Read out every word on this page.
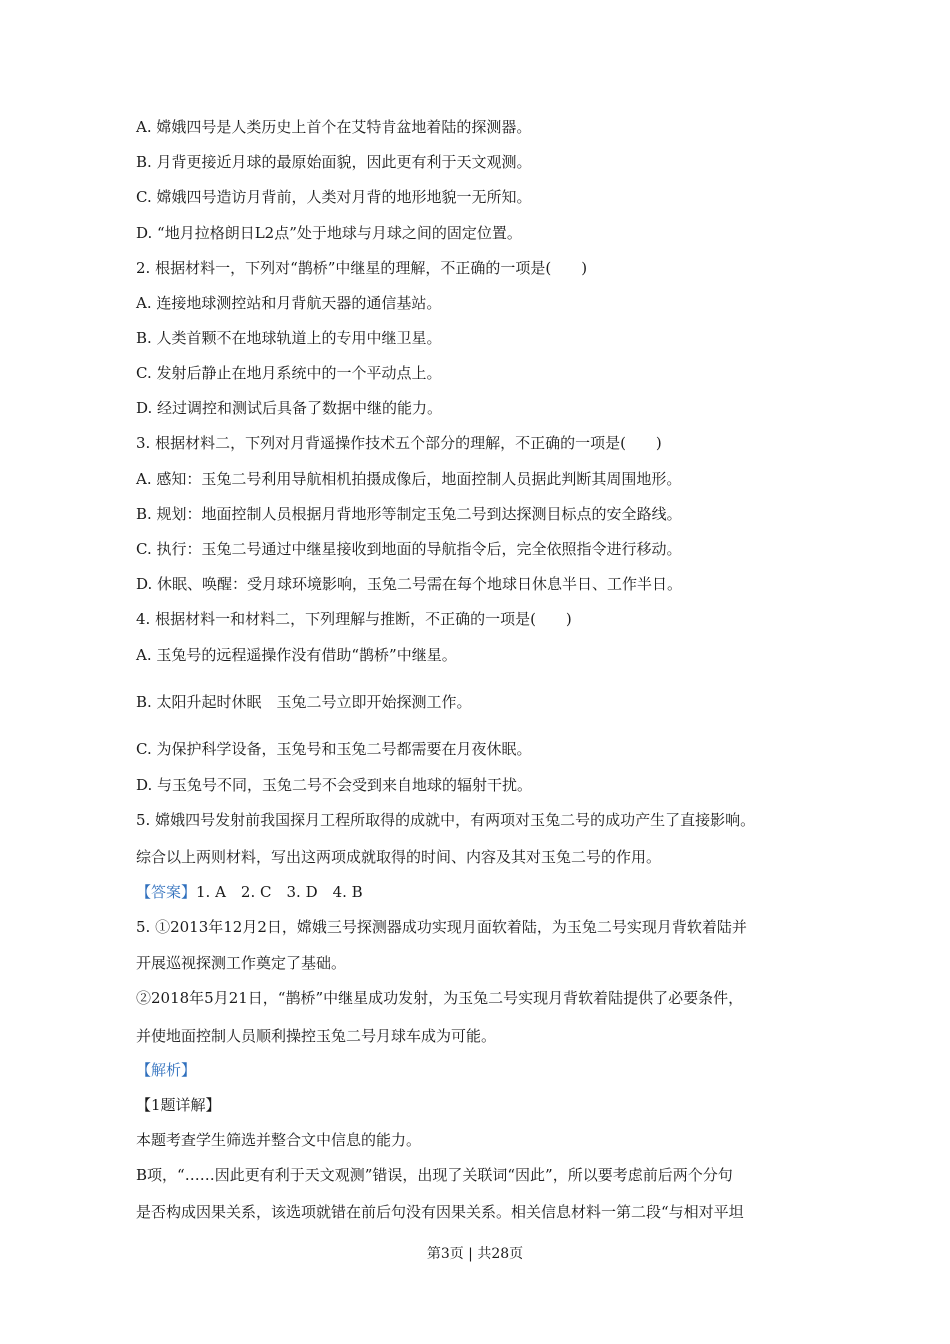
A. 嫦娥四号是人类历史上首个在艾特肯盆地着陆的探测器。
B. 月背更接近月球的最原始面貌，因此更有利于天文观测。
C. 嫦娥四号造访月背前，人类对月背的地形地貌一无所知。
D. “地月拉格朗日L2点”处于地球与月球之间的固定位置。
2. 根据材料一，下列对“鹊桥”中继星的理解，不正确的一项是(　　)
A. 连接地球测控站和月背航天器的通信基站。
B. 人类首颗不在地球轨道上的专用中继卫星。
C. 发射后静止在地月系统中的一个平动点上。
D. 经过调控和测试后具备了数据中继的能力。
3. 根据材料二，下列对月背遥操作技术五个部分的理解，不正确的一项是(　　)
A. 感知：玉兔二号利用导航相机拍摄成像后，地面控制人员据此判断其周围地形。
B. 规划：地面控制人员根据月背地形等制定玉兔二号到达探测目标点的安全路线。
C. 执行：玉兔二号通过中继星接收到地面的导航指令后，完全依照指令进行移动。
D. 休眠、唤醒：受月球环境影响，玉兔二号需在每个地球日休息半日、工作半日。
4. 根据材料一和材料二，下列理解与推断，不正确的一项是(　　)
A. 玉兔号的远程遥操作没有借助“鹊桥”中继星。
B. 太阳升起时休眠　玉兔二号立即开始探测工作。
C. 为保护科学设备，玉兔号和玉兔二号都需要在月夜休眠。
D. 与玉兔号不同，玉兔二号不会受到来自地球的辐射干扰。
5. 嫦娥四号发射前我国探月工程所取得的成就中，有两项对玉兔二号的成功产生了直接影响。
综合以上两则材料，写出这两项成就取得的时间、内容及其对玉兔二号的作用。
【答案】1. A　2. C　3. D　4. B
5. ①2013年12月2日，嫦娥三号探测器成功实现月面软着陆，为玉兔二号实现月背软着陆并
开展巡视探测工作奠定了基础。
②2018年5月21日，“鹊桥”中继星成功发射，为玉兔二号实现月背软着陆提供了必要条件，
并使地面控制人员顺利操控玉兔二号月球车成为可能。
【解析】
【1题详解】
本题考查学生筛选并整合文中信息的能力。
B项，“……因此更有利于天文观测”错误，出现了关联词“因此”，所以要考虑前后两个分句
是否构成因果关系，该选项就错在前后句没有因果关系。相关信息材料一第二段“与相对平坦
第3页 | 共28页
